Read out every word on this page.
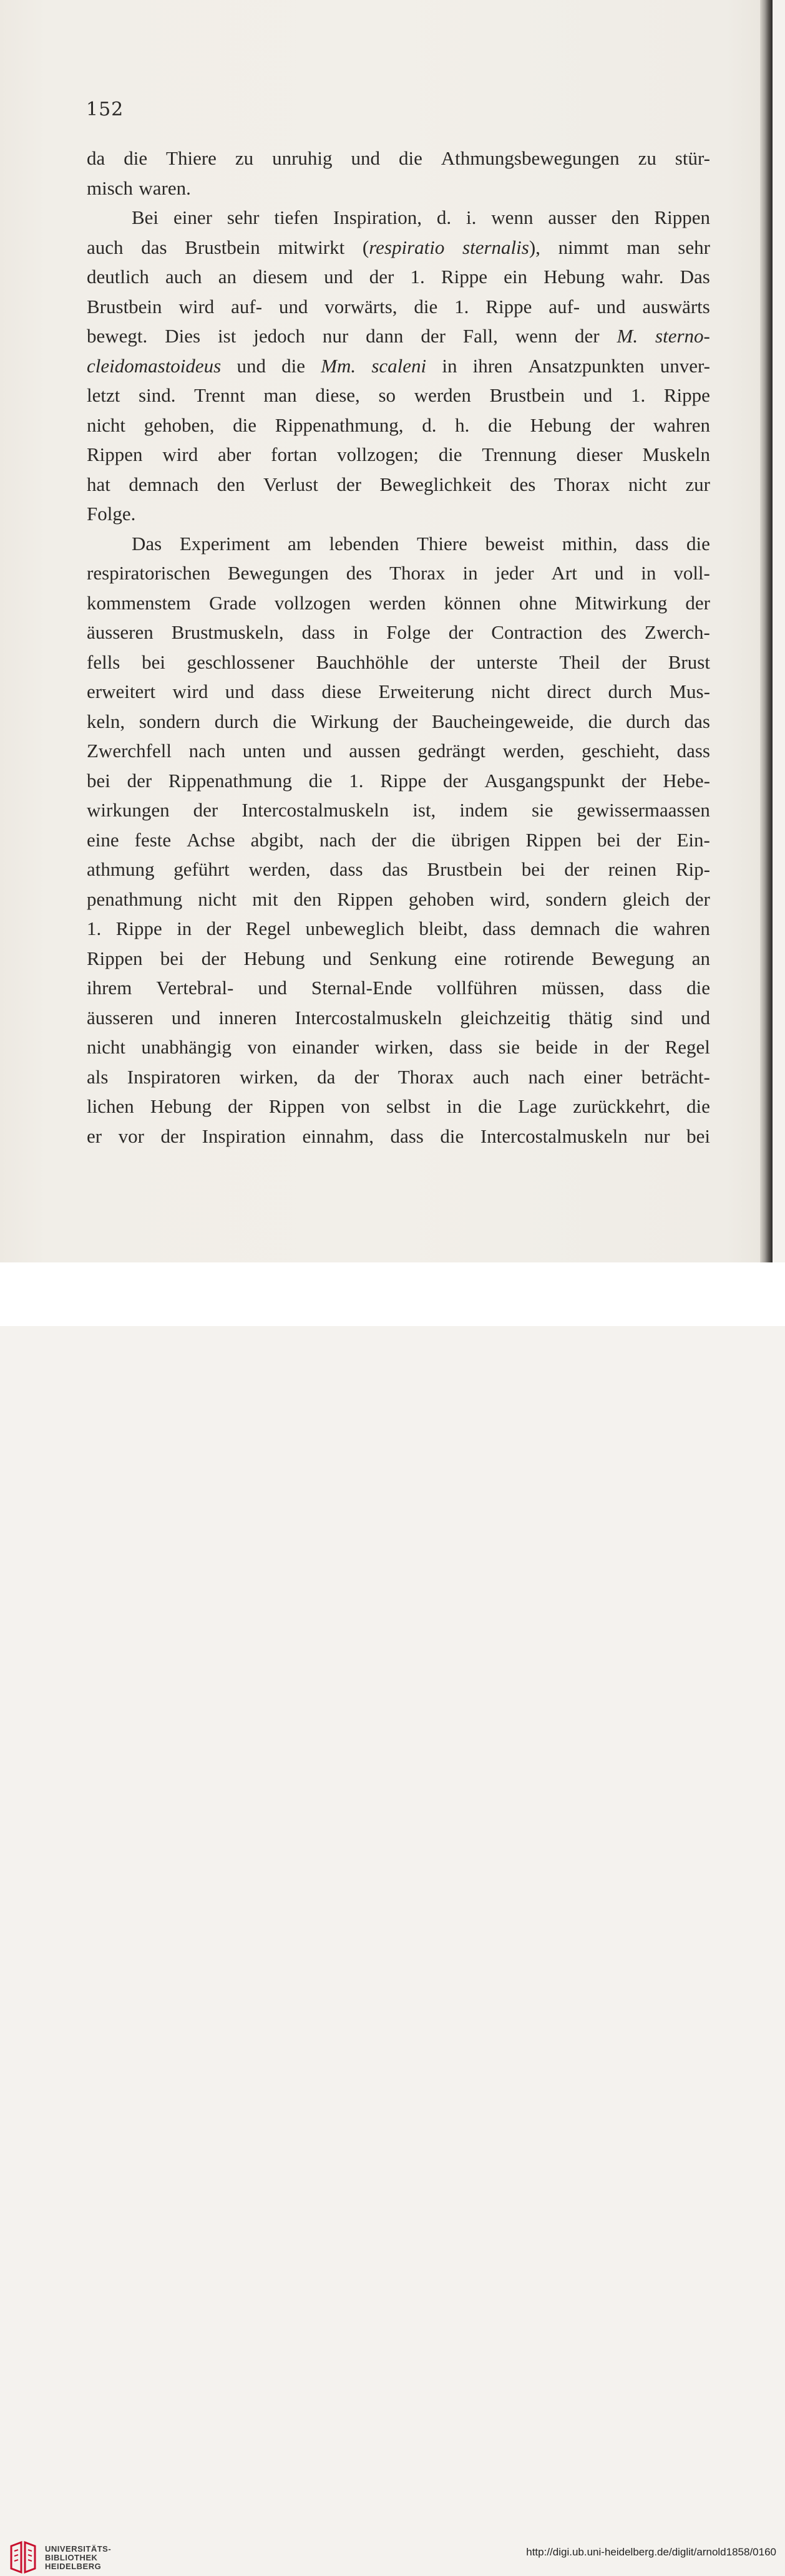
152
da die Thiere zu unruhig und die Athmungsbewegungen zu stür-
misch waren.
Bei einer sehr tiefen Inspiration, d. i. wenn ausser den Rippen
auch das Brustbein mitwirkt (respiratio sternalis), nimmt man sehr
deutlich auch an diesem und der 1. Rippe ein Hebung wahr. Das
Brustbein wird auf- und vorwärts, die 1. Rippe auf- und auswärts
bewegt. Dies ist jedoch nur dann der Fall, wenn der M. sterno-
cleidomastoideus und die Mm. scaleni in ihren Ansatzpunkten unver-
letzt sind. Trennt man diese, so werden Brustbein und 1. Rippe
nicht gehoben, die Rippenathmung, d. h. die Hebung der wahren
Rippen wird aber fortan vollzogen; die Trennung dieser Muskeln
hat demnach den Verlust der Beweglichkeit des Thorax nicht zur
Folge.
Das Experiment am lebenden Thiere beweist mithin, dass die
respiratorischen Bewegungen des Thorax in jeder Art und in voll-
kommenstem Grade vollzogen werden können ohne Mitwirkung der
äusseren Brustmuskeln, dass in Folge der Contraction des Zwerch-
fells bei geschlossener Bauchhöhle der unterste Theil der Brust
erweitert wird und dass diese Erweiterung nicht direct durch Mus-
keln, sondern durch die Wirkung der Baucheingeweide, die durch das
Zwerchfell nach unten und aussen gedrängt werden, geschieht, dass
bei der Rippenathmung die 1. Rippe der Ausgangspunkt der Hebe-
wirkungen der Intercostalmuskeln ist, indem sie gewissermaassen
eine feste Achse abgibt, nach der die übrigen Rippen bei der Ein-
athmung geführt werden, dass das Brustbein bei der reinen Rip-
penathmung nicht mit den Rippen gehoben wird, sondern gleich der
1. Rippe in der Regel unbeweglich bleibt, dass demnach die wahren
Rippen bei der Hebung und Senkung eine rotirende Bewegung an
ihrem Vertebral- und Sternal-Ende vollführen müssen, dass die
äusseren und inneren Intercostalmuskeln gleichzeitig thätig sind und
nicht unabhängig von einander wirken, dass sie beide in der Regel
als Inspiratoren wirken, da der Thorax auch nach einer beträcht-
lichen Hebung der Rippen von selbst in die Lage zurückkehrt, die
er vor der Inspiration einnahm, dass die Intercostalmuskeln nur bei
UNIVERSITÄTS-
BIBLIOTHEK
HEIDELBERG
http://digi.ub.uni-heidelberg.de/diglit/arnold1858/0160
